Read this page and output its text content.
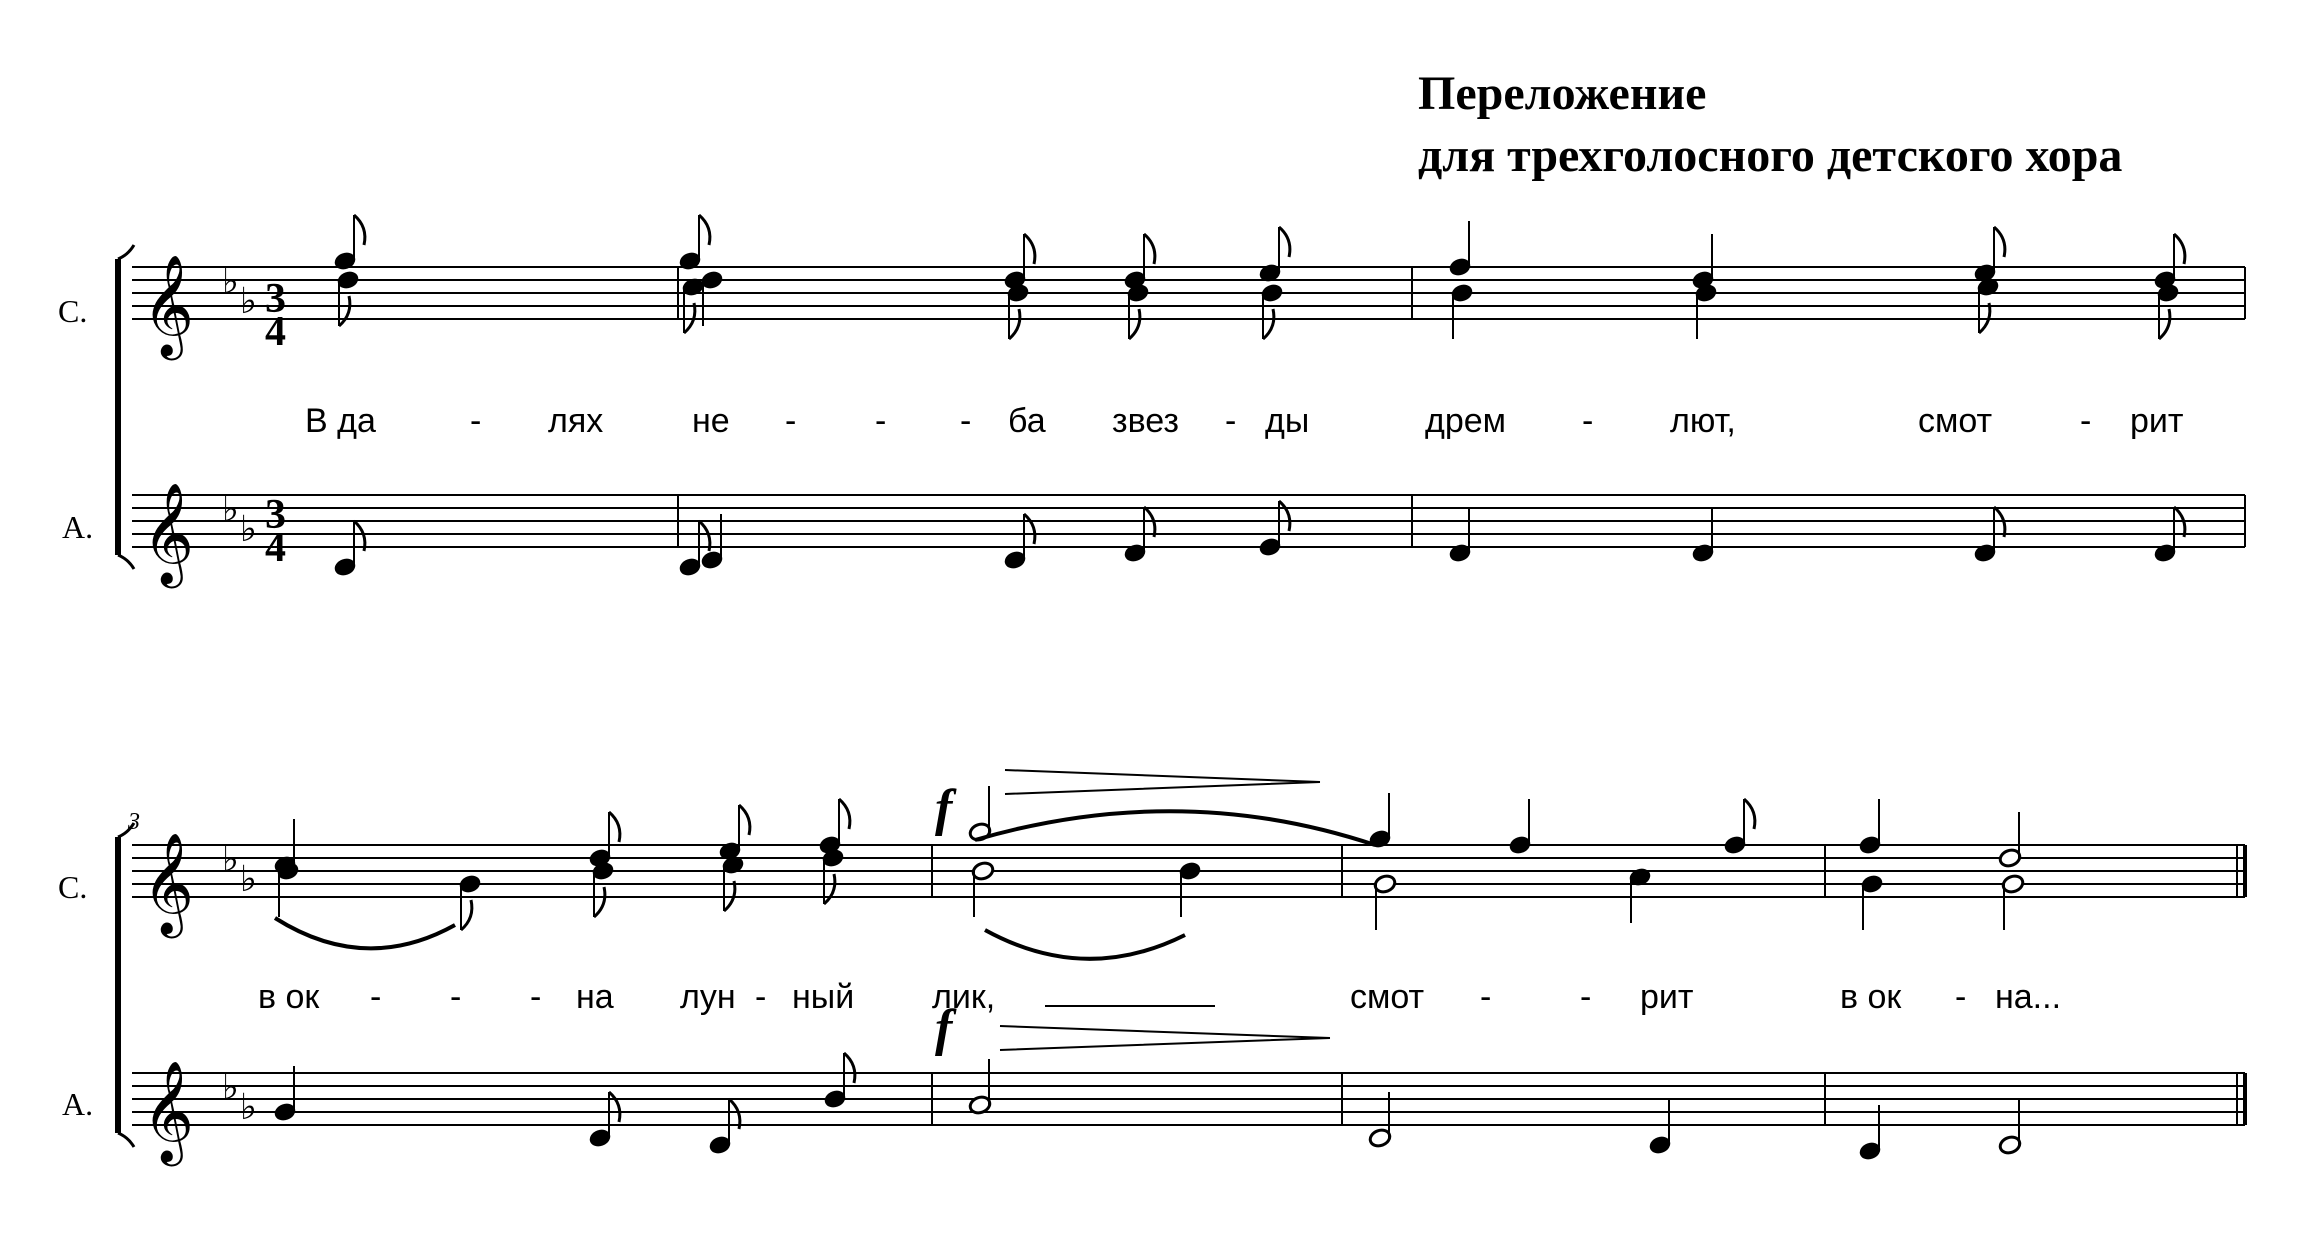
Переложение
для трехголосного детского хора
𝄞 ♭ ♭
𝄞 ♭ ♭
𝄞 ♭ ♭
𝄞 ♭ ♭
С.
А.
С.
А.
3
4
3
4
3	f
f
В да	- лях	не - - - ба звез - ды	дрем - лют,	смот	- рит
в ок - - - на лун - ный лик,	смот -	- рит	в ок - на...
